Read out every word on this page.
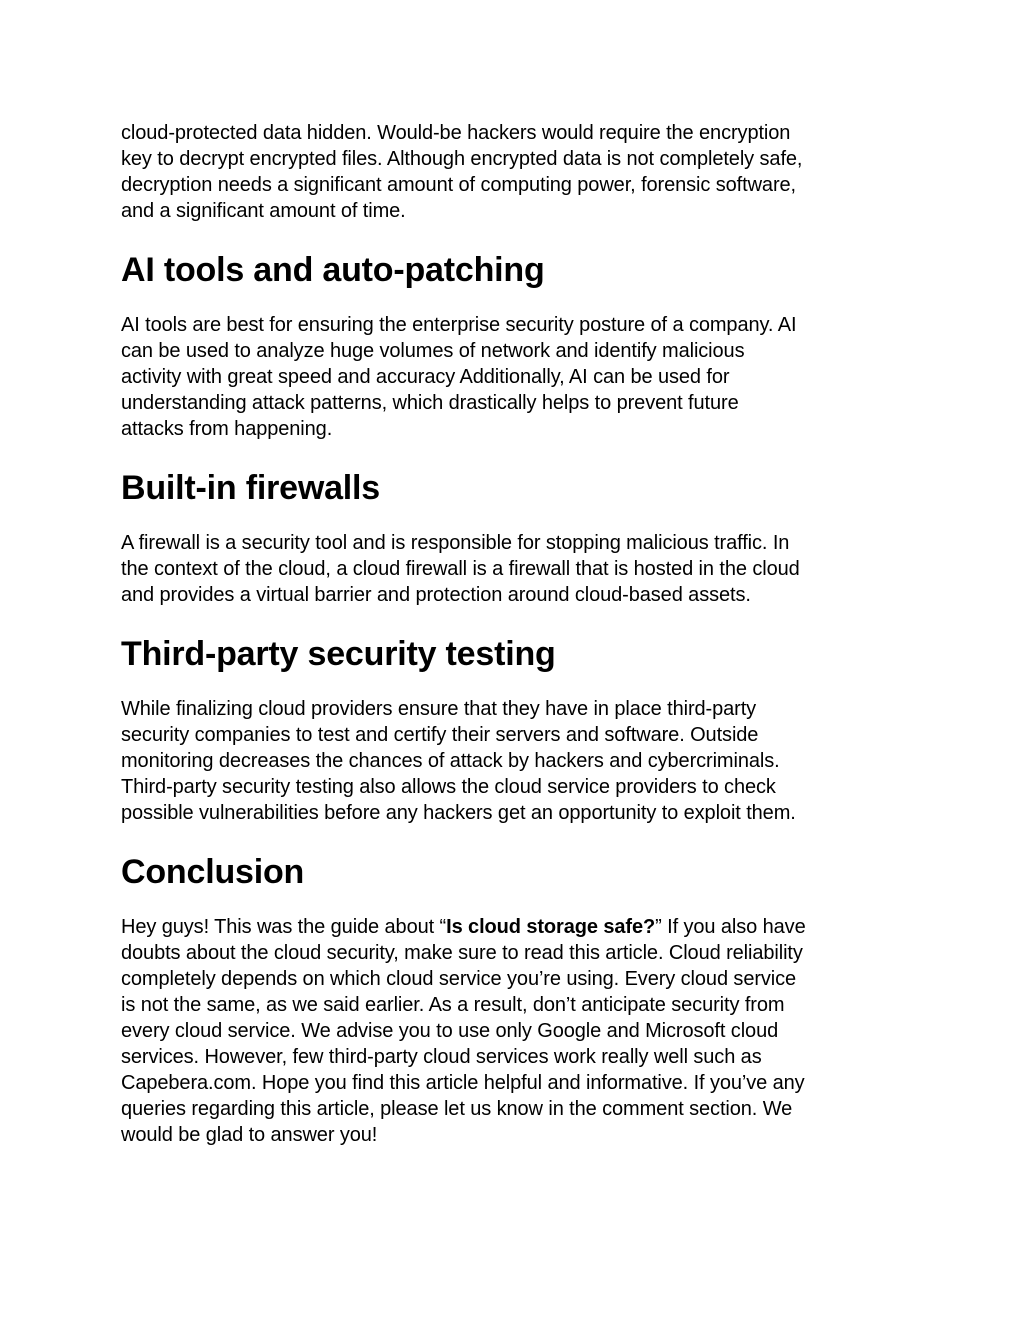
cloud-protected data hidden. Would-be hackers would require the encryption
key to decrypt encrypted files. Although encrypted data is not completely safe,
decryption needs a significant amount of computing power, forensic software,
and a significant amount of time.

AI tools and auto-patching

AI tools are best for ensuring the enterprise security posture of a company. AI
can be used to analyze huge volumes of network and identify malicious
activity with great speed and accuracy Additionally, AI can be used for
understanding attack patterns, which drastically helps to prevent future
attacks from happening.

Built-in firewalls

A firewall is a security tool and is responsible for stopping malicious traffic. In
the context of the cloud, a cloud firewall is a firewall that is hosted in the cloud
and provides a virtual barrier and protection around cloud-based assets.

Third-party security testing

While finalizing cloud providers ensure that they have in place third-party
security companies to test and certify their servers and software. Outside
monitoring decreases the chances of attack by hackers and cybercriminals.
Third-party security testing also allows the cloud service providers to check
possible vulnerabilities before any hackers get an opportunity to exploit them.

Conclusion

Hey guys! This was the guide about “Is cloud storage safe?” If you also have
doubts about the cloud security, make sure to read this article. Cloud reliability
completely depends on which cloud service you’re using. Every cloud service
is not the same, as we said earlier. As a result, don’t anticipate security from
every cloud service. We advise you to use only Google and Microsoft cloud
services. However, few third-party cloud services work really well such as
Capebera.com. Hope you find this article helpful and informative. If you’ve any
queries regarding this article, please let us know in the comment section. We
would be glad to answer you!
